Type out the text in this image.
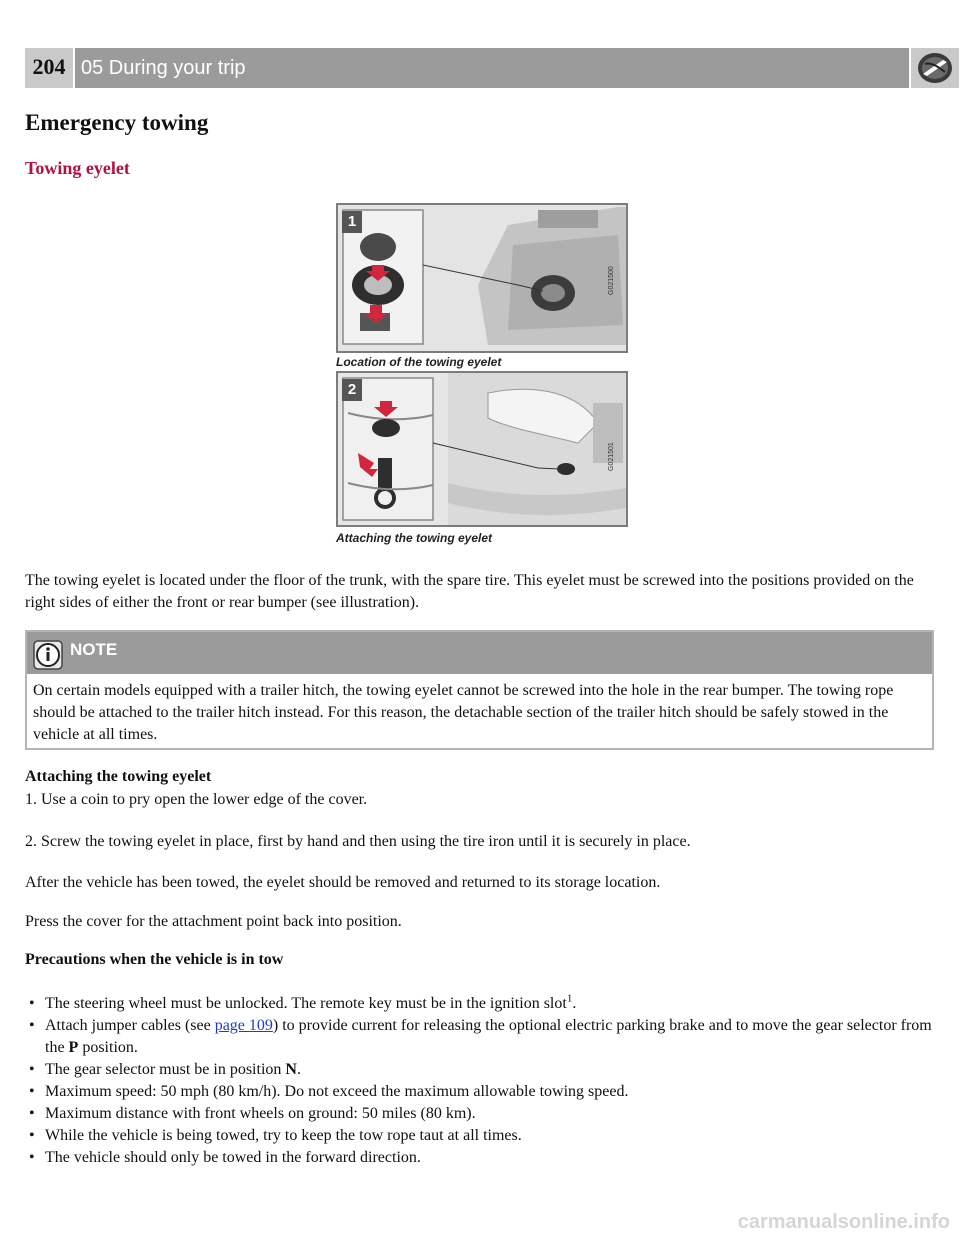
204 05 During your trip
Emergency towing
Towing eyelet
1
G021500
Location of the towing eyelet
2
G021501
Attaching the towing eyelet

The towing eyelet is located under the floor of the trunk, with the spare tire. This eyelet must be screwed into the positions provided on the right sides of either the front or rear bumper (see illustration).

NOTE

On certain models equipped with a trailer hitch, the towing eyelet cannot be screwed into the hole in the rear bumper. The towing rope should be attached to the trailer hitch instead. For this reason, the detachable section of the trailer hitch should be safely stowed in the vehicle at all times.

Attaching the towing eyelet

1. Use a coin to pry open the lower edge of the cover.

2. Screw the towing eyelet in place, first by hand and then using the tire iron until it is securely in place.

After the vehicle has been towed, the eyelet should be removed and returned to its storage location.

Press the cover for the attachment point back into position.

Precautions when the vehicle is in tow
• The steering wheel must be unlocked. The remote key must be in the ignition slot$^1$.
• Attach jumper cables (see page 109) to provide current for releasing the optional electric parking brake and to move the gear selector from the P position.
• The gear selector must be in position N.
• Maximum speed: 50 mph (80 km/h). Do not exceed the maximum allowable towing speed.
• Maximum distance with front wheels on ground: 50 miles (80 km).
• While the vehicle is being towed, try to keep the tow rope taut at all times.
• The vehicle should only be towed in the forward direction.
carmanualsonline.info
